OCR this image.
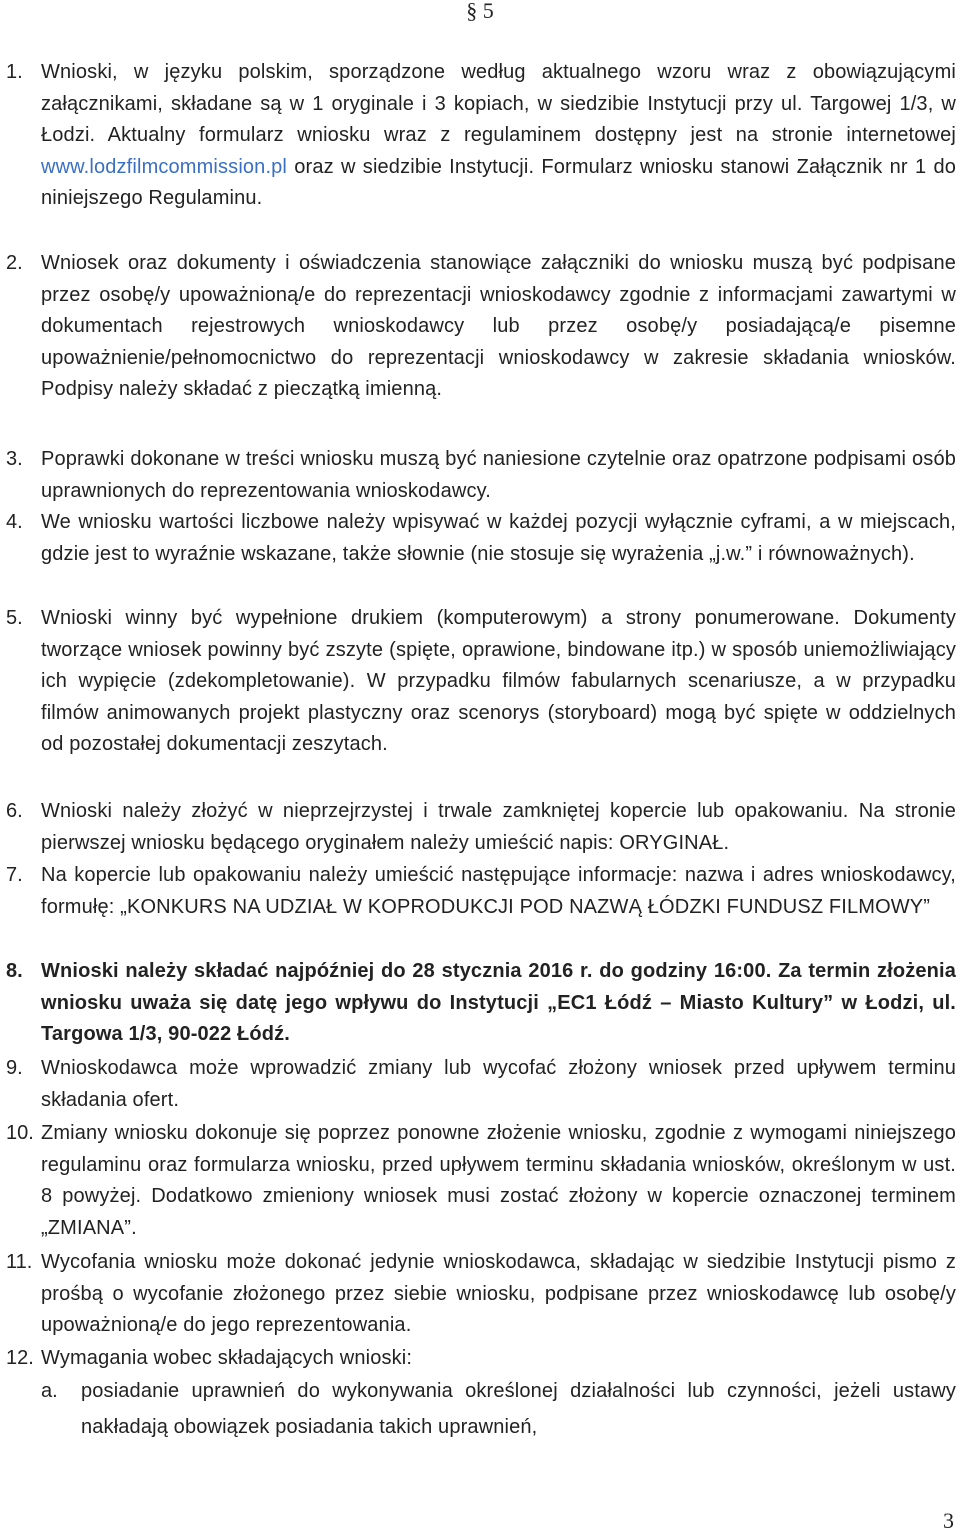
§ 5
1. Wnioski, w języku polskim, sporządzone według aktualnego wzoru wraz z obowiązującymi załącznikami, składane są w 1 oryginale i 3 kopiach, w siedzibie Instytucji przy ul. Targowej 1/3, w Łodzi. Aktualny formularz wniosku wraz z regulaminem dostępny jest na stronie internetowej www.lodzfilmcommission.pl oraz w siedzibie Instytucji. Formularz wniosku stanowi Załącznik nr 1 do niniejszego Regulaminu.
2. Wniosek oraz dokumenty i oświadczenia stanowiące załączniki do wniosku muszą być podpisane przez osobę/y upoważnioną/e do reprezentacji wnioskodawcy zgodnie z informacjami zawartymi w dokumentach rejestrowych wnioskodawcy lub przez osobę/y posiadającą/e pisemne upoważnienie/pełnomocnictwo do reprezentacji wnioskodawcy w zakresie składania wniosków. Podpisy należy składać z pieczątką imienną.
3. Poprawki dokonane w treści wniosku muszą być naniesione czytelnie oraz opatrzone podpisami osób uprawnionych do reprezentowania wnioskodawcy.
4. We wniosku wartości liczbowe należy wpisywać w każdej pozycji wyłącznie cyframi, a w miejscach, gdzie jest to wyraźnie wskazane, także słownie (nie stosuje się wyrażenia „j.w.” i równoważnych).
5. Wnioski winny być wypełnione drukiem (komputerowym) a strony ponumerowane. Dokumenty tworzące wniosek powinny być zszyte (spięte, oprawione, bindowane itp.) w sposób uniemożliwiający ich wypięcie (zdekompletowanie). W przypadku filmów fabularnych scenariusze, a w przypadku filmów animowanych projekt plastyczny oraz scenorys (storyboard) mogą być spięte w oddzielnych od pozostałej dokumentacji zeszytach.
6. Wnioski należy złożyć w nieprzejrzystej i trwale zamkniętej kopercie lub opakowaniu. Na stronie pierwszej wniosku będącego oryginałem należy umieścić napis: ORYGINAŁ.
7. Na kopercie lub opakowaniu należy umieścić następujące informacje: nazwa i adres wnioskodawcy, formułę: „KONKURS NA UDZIAŁ W KOPRODUKCJI POD NAZWĄ ŁÓDZKI FUNDUSZ FILMOWY”
8. Wnioski należy składać najpóźniej do 28 stycznia 2016 r. do godziny 16:00. Za termin złożenia wniosku uważa się datę jego wpływu do Instytucji „EC1 Łódź – Miasto Kultury” w Łodzi, ul. Targowa 1/3, 90-022 Łódź.
9. Wnioskodawca może wprowadzić zmiany lub wycofać złożony wniosek przed upływem terminu składania ofert.
10. Zmiany wniosku dokonuje się poprzez ponowne złożenie wniosku, zgodnie z wymogami niniejszego regulaminu oraz formularza wniosku, przed upływem terminu składania wniosków, określonym w ust. 8 powyżej. Dodatkowo zmieniony wniosek musi zostać złożony w kopercie oznaczonej terminem „ZMIANA”.
11. Wycofania wniosku może dokonać jedynie wnioskodawca, składając w siedzibie Instytucji pismo z prośbą o wycofanie złożonego przez siebie wniosku, podpisane przez wnioskodawcę lub osobę/y upoważnioną/e do jego reprezentowania.
12. Wymagania wobec składających wnioski:
a. posiadanie uprawnień do wykonywania określonej działalności lub czynności, jeżeli ustawy nakładają obowiązek posiadania takich uprawnień,
3
